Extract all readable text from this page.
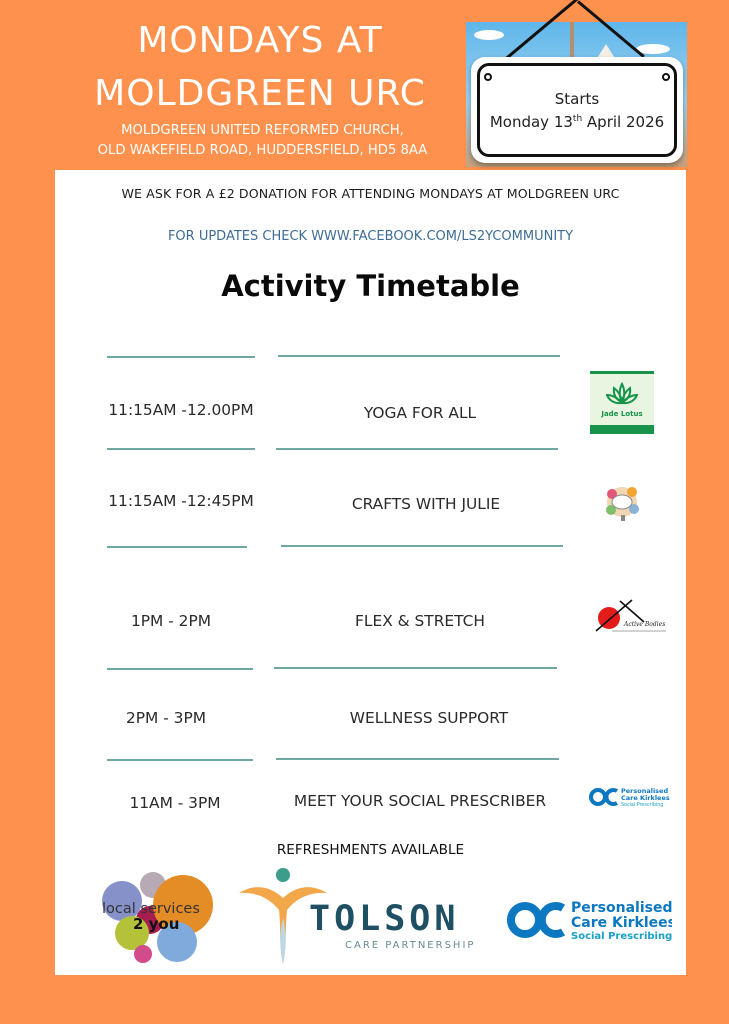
MONDAYS AT
MOLDGREEN URC
MOLDGREEN UNITED REFORMED CHURCH,
OLD WAKEFIELD ROAD, HUDDERSFIELD, HD5 8AA
Starts
Monday 13th April 2026
WE ASK FOR A £2 DONATION FOR ATTENDING MONDAYS AT MOLDGREEN URC
FOR UPDATES CHECK WWW.FACEBOOK.COM/LS2YCOMMUNITY
Activity Timetable
11:15AM -12.00PM	YOGA FOR ALL	Jade Lotus
11:15AM -12:45PM	CRAFTS WITH JULIE
1PM - 2PM	FLEX & STRETCH	Active Bodies
2PM - 3PM	WELLNESS SUPPORT
11AM - 3PM	MEET YOUR SOCIAL PRESCRIBER
Personalised
Care Kirklees
Social Prescribing
REFRESHMENTS AVAILABLE
local services
2 you	TOLSON
CARE PARTNERSHIP
Personalised
Care Kirklees
Social Prescribing
